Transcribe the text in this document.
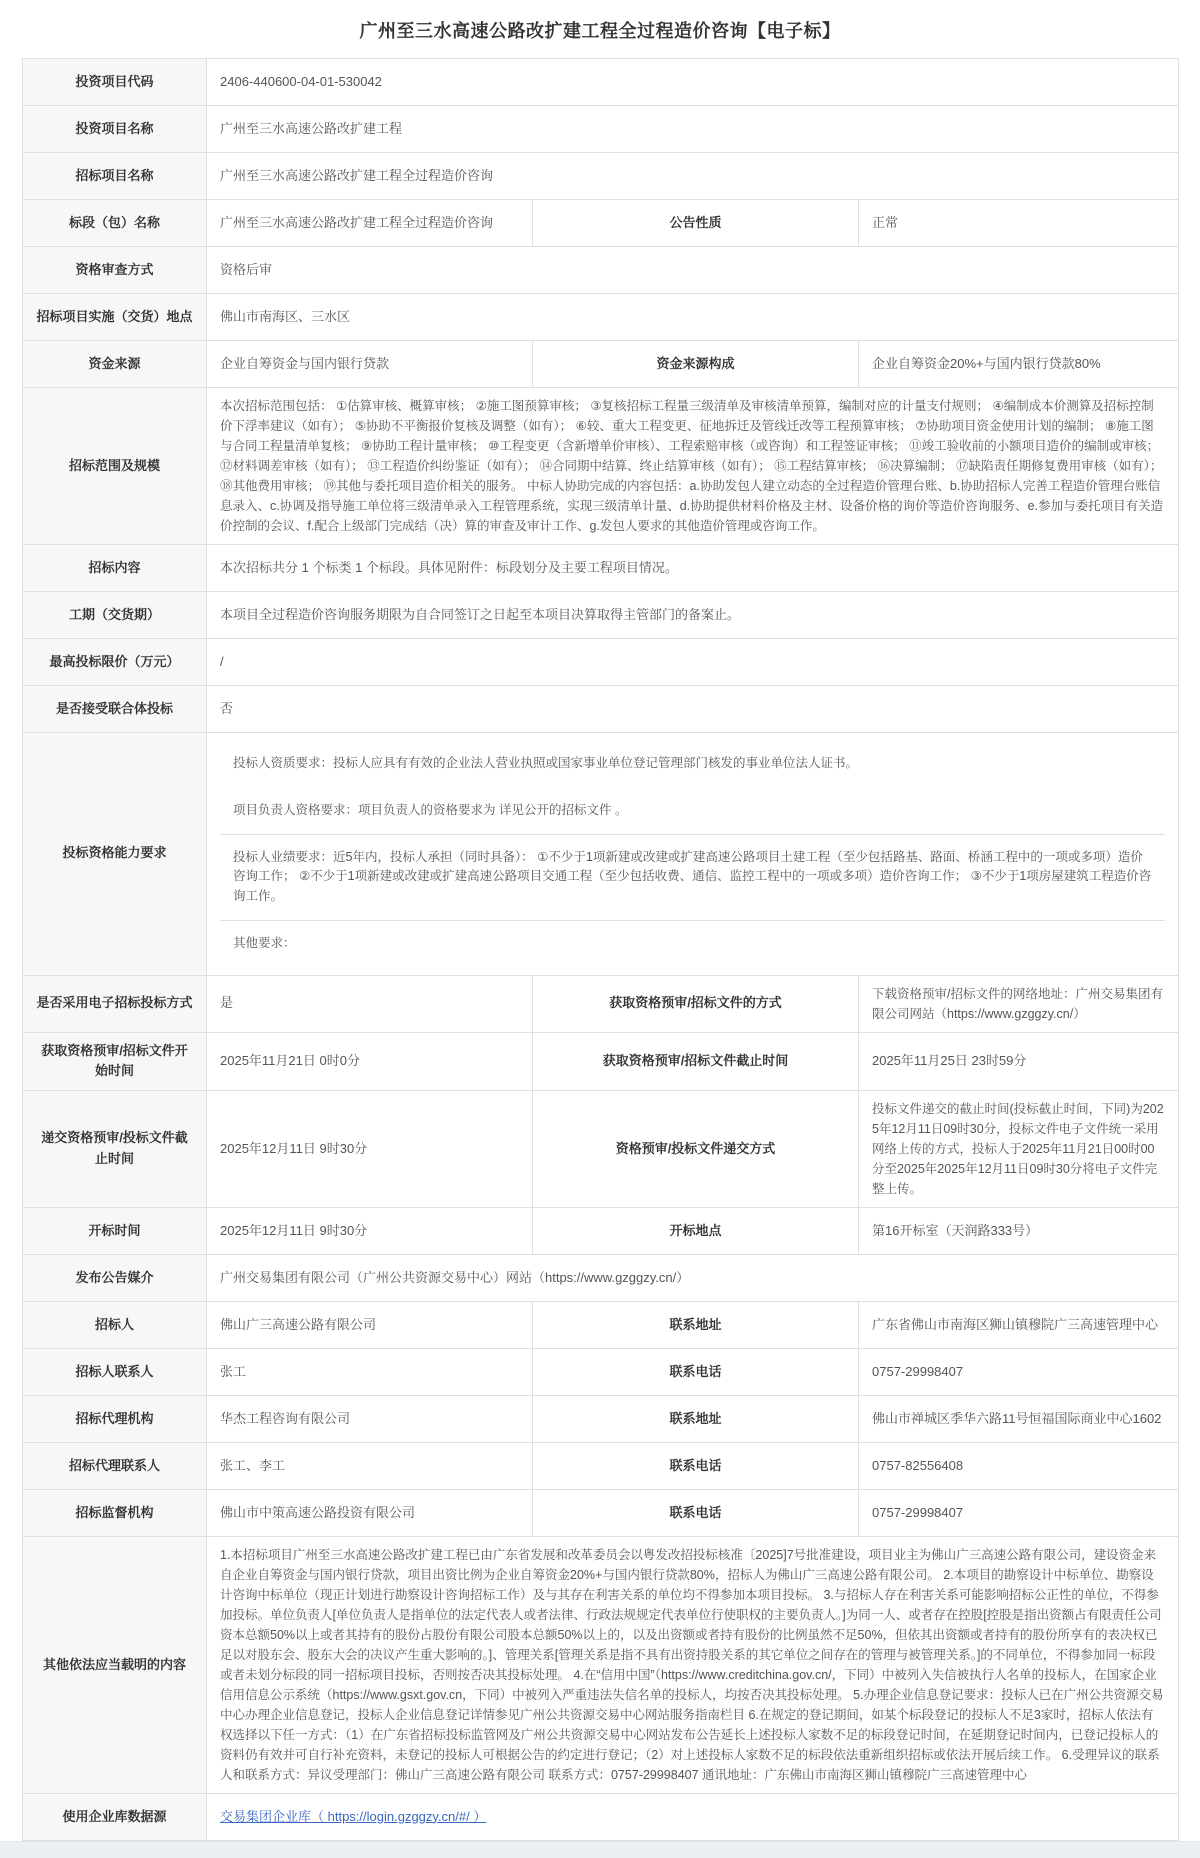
广州至三水高速公路改扩建工程全过程造价咨询【电子标】
投资项目代码	2406-440600-04-01-530042		
投资项目名称	广州至三水高速公路改扩建工程		
招标项目名称	广州至三水高速公路改扩建工程全过程造价咨询		
标段（包）名称	广州至三水高速公路改扩建工程全过程造价咨询	公告性质	正常
资格审查方式	资格后审		
招标项目实施（交货）地点	佛山市南海区、三水区		
资金来源	企业自筹资金与国内银行贷款	资金来源构成	企业自筹资金20%+与国内银行贷款80%
招标范围及规模	本次招标范围包括： ①估算审核、概算审核； ②施工图预算审核； ③复核招标工程量三级清单及审核清单预算，编制对应的计量支付规则； ④编制成本价测算及招标控制价下浮率建议（如有）； ⑤协助不平衡报价复核及调整（如有）； ⑥较、重大工程变更、征地拆迁及管线迁改等工程预算审核； ⑦协助项目资金使用计划的编制； ⑧施工图与合同工程量清单复核； ⑨协助工程计量审核； ⑩工程变更（含新增单价审核）、工程索赔审核（或咨询）和工程签证审核； ⑪竣工验收前的小额项目造价的编制或审核； ⑫材料调差审核（如有）； ⑬工程造价纠纷鉴证（如有）； ⑭合同期中结算、终止结算审核（如有）； ⑮工程结算审核； ⑯决算编制； ⑰缺陷责任期修复费用审核（如有）； ⑱其他费用审核； ⑲其他与委托项目造价相关的服务。 中标人协助完成的内容包括：a.协助发包人建立动态的全过程造价管理台账、b.协助招标人完善工程造价管理台账信息录入、c.协调及指导施工单位将三级清单录入工程管理系统，实现三级清单计量、d.协助提供材料价格及主材、设备价格的询价等造价咨询服务、e.参加与委托项目有关造价控制的会议、f.配合上级部门完成结（决）算的审查及审计工作、g.发包人要求的其他造价管理或咨询工作。		
招标内容	本次招标共分 1 个标类 1 个标段。具体见附件：标段划分及主要工程项目情况。		
工期（交货期）	本项目全过程造价咨询服务期限为自合同签订之日起至本项目决算取得主管部门的备案止。		
最高投标限价（万元）	/		
是否接受联合体投标	否		
投标资格能力要求	投标人资质要求：投标人应具有有效的企业法人营业执照或国家事业单位登记管理部门核发的事业单位法人证书。

项目负责人资格要求：项目负责人的资格要求为 详见公开的招标文件 。

投标人业绩要求：近5年内，投标人承担（同时具备）： ①不少于1项新建或改建或扩建高速公路项目土建工程（至少包括路基、路面、桥涵工程中的一项或多项）造价咨询工作； ②不少于1项新建或改建或扩建高速公路项目交通工程（至少包括收费、通信、监控工程中的一项或多项）造价咨询工作； ③不少于1项房屋建筑工程造价咨询工作。
其他要求：		

是否采用电子招标投标方式	是	获取资格预审/招标文件的方式	下载资格预审/招标文件的网络地址：广州交易集团有限公司网站（https://www.gzggzy.cn/）
获取资格预审/招标文件开始时间	2025年11月21日 0时0分	获取资格预审/招标文件截止时间	2025年11月25日 23时59分
递交资格预审/投标文件截止时间	2025年12月11日 9时30分	资格预审/投标文件递交方式	投标文件递交的截止时间(投标截止时间，下同)为2025年12月11日09时30分，投标文件电子文件统一采用网络上传的方式，投标人于2025年11月21日00时00分至2025年2025年12月11日09时30分将电子文件完整上传。
开标时间	2025年12月11日 9时30分	开标地点	第16开标室（天润路333号）
发布公告媒介	广州交易集团有限公司（广州公共资源交易中心）网站（https://www.gzggzy.cn/）		
招标人	佛山广三高速公路有限公司	联系地址	广东省佛山市南海区狮山镇穆院广三高速管理中心
招标人联系人	张工	联系电话	0757-29998407
招标代理机构	华杰工程咨询有限公司	联系地址	佛山市禅城区季华六路11号恒福国际商业中心1602
招标代理联系人	张工、李工	联系电话	0757-82556408
招标监督机构	佛山市中策高速公路投资有限公司	联系电话	0757-29998407
其他依法应当载明的内容	1.本招标项目广州至三水高速公路改扩建工程已由广东省发展和改革委员会以粤发改招投标核准〔2025]7号批准建设，项目业主为佛山广三高速公路有限公司，建设资金来自企业自筹资金与国内银行贷款，项目出资比例为企业自筹资金20%+与国内银行贷款80%，招标人为佛山广三高速公路有限公司。 2.本项目的勘察设计中标单位、勘察设计咨询中标单位（现正计划进行勘察设计咨询招标工作）及与其存在利害关系的单位均不得参加本项目投标。 3.与招标人存在利害关系可能影响招标公正性的单位，不得参加投标。单位负责人[单位负责人是指单位的法定代表人或者法律、行政法规规定代表单位行使职权的主要负责人。]为同一人、或者存在控股[控股是指出资额占有限责任公司资本总额50%以上或者其持有的股份占股份有限公司股本总额50%以上的，以及出资额或者持有股份的比例虽然不足50%，但依其出资额或者持有的股份所享有的表决权已足以对股东会、股东大会的决议产生重大影响的。]、管理关系[管理关系是指不具有出资持股关系的其它单位之间存在的管理与被管理关系。]的不同单位，不得参加同一标段或者未划分标段的同一招标项目投标，否则按否决其投标处理。 4.在“信用中国”（https://www.creditchina.gov.cn/，下同）中被列入失信被执行人名单的投标人，在国家企业信用信息公示系统（https://www.gsxt.gov.cn，下同）中被列入严重违法失信名单的投标人，均按否决其投标处理。 5.办理企业信息登记要求：投标人已在广州公共资源交易中心办理企业信息登记，投标人企业信息登记详情参见广州公共资源交易中心网站服务指南栏目 6.在规定的登记期间，如某个标段登记的投标人不足3家时，招标人依法有权选择以下任一方式：（1）在广东省招标投标监管网及广州公共资源交易中心网站发布公告延长上述投标人家数不足的标段登记时间，在延期登记时间内，已登记投标人的资料仍有效并可自行补充资料，未登记的投标人可根据公告的约定进行登记；（2）对上述投标人家数不足的标段依法重新组织招标或依法开展后续工作。 6.受理异议的联系人和联系方式：异议受理部门：佛山广三高速公路有限公司 联系方式：0757-29998407 通讯地址：广东佛山市南海区狮山镇穆院广三高速管理中心		
使用企业库数据源	交易集团企业库（ https://login.gzggzy.cn/#/ ）		
